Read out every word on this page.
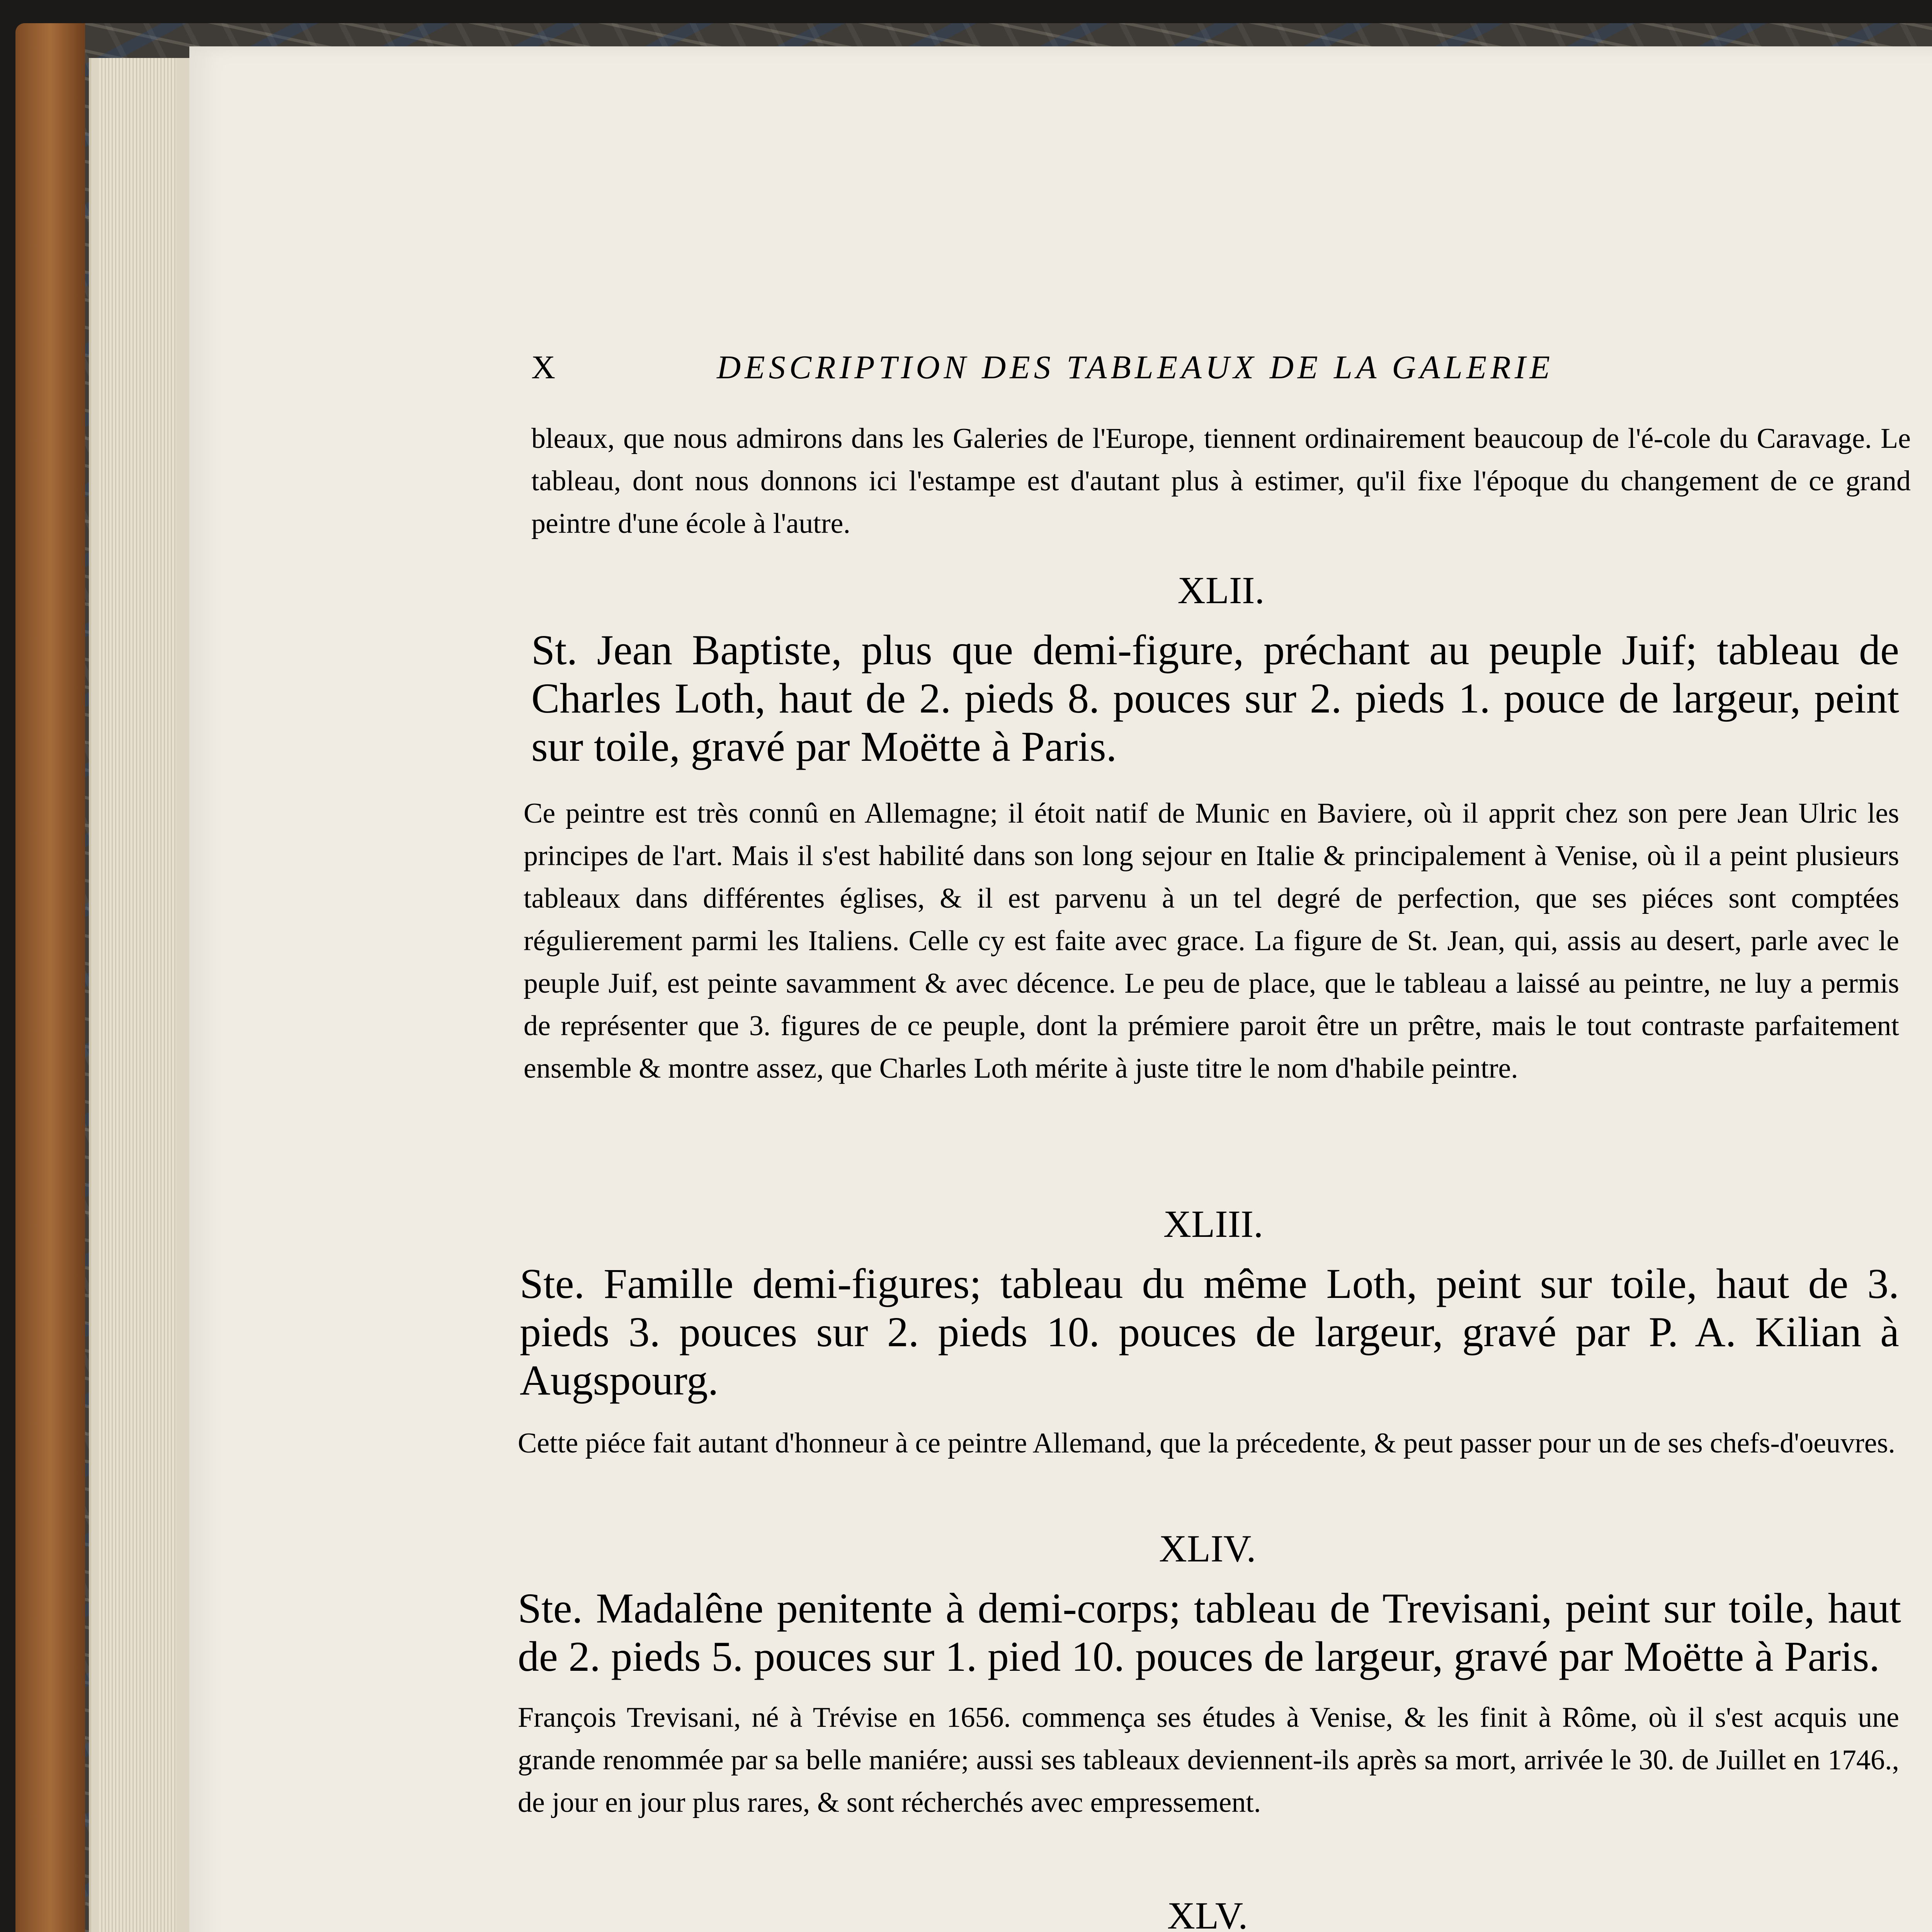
X	DESCRIPTION DES TABLEAUX DE LA GALERIE
bleaux, que nous admirons dans les Galeries de l'Europe, tiennent ordinairement beaucoup de l'é-cole du Caravage. Le tableau, dont nous donnons ici l'estampe est d'autant plus à estimer, qu'il fixe l'époque du changement de ce grand peintre d'une école à l'autre.
XLII.
St. Jean Baptiste, plus que demi-figure, préchant au peuple Juif; tableau de Charles Loth, haut de 2. pieds 8. pouces sur 2. pieds 1. pouce de largeur, peint sur toile, gravé par Moëtte à Paris.
Ce peintre est très connû en Allemagne; il étoit natif de Munic en Baviere, où il apprit chez son pere Jean Ulric les principes de l'art. Mais il s'est habilité dans son long sejour en Italie & principalement à Venise, où il a peint plusieurs tableaux dans différentes églises, & il est parvenu à un tel degré de perfection, que ses piéces sont comptées régulierement parmi les Italiens. Celle cy est faite avec grace. La figure de St. Jean, qui, assis au desert, parle avec le peuple Juif, est peinte savamment & avec décence. Le peu de place, que le tableau a laissé au peintre, ne luy a permis de représenter que 3. figures de ce peuple, dont la prémiere paroit être un prêtre, mais le tout contraste parfaitement ensemble & montre assez, que Charles Loth mérite à juste titre le nom d'habile peintre.
XLIII.
Ste. Famille demi-figures; tableau du même Loth, peint sur toile, haut de 3. pieds 3. pouces sur 2. pieds 10. pouces de largeur, gravé par P. A. Kilian à Augspourg.
Cette piéce fait autant d'honneur à ce peintre Allemand, que la précedente, & peut passer pour un de ses chefs-d'oeuvres.
XLIV.
Ste. Madalêne penitente à demi-corps; tableau de Trevisani, peint sur toile, haut de 2. pieds 5. pouces sur 1. pied 10. pouces de largeur, gravé par Moëtte à Paris.
François Trevisani, né à Trévise en 1656. commença ses études à Venise, & les finit à Rôme, où il s'est acquis une grande renommée par sa belle maniére; aussi ses tableaux deviennent-ils après sa mort, arrivée le 30. de Juillet en 1746., de jour en jour plus rares, & sont récherchés avec empressement.
XLV.
